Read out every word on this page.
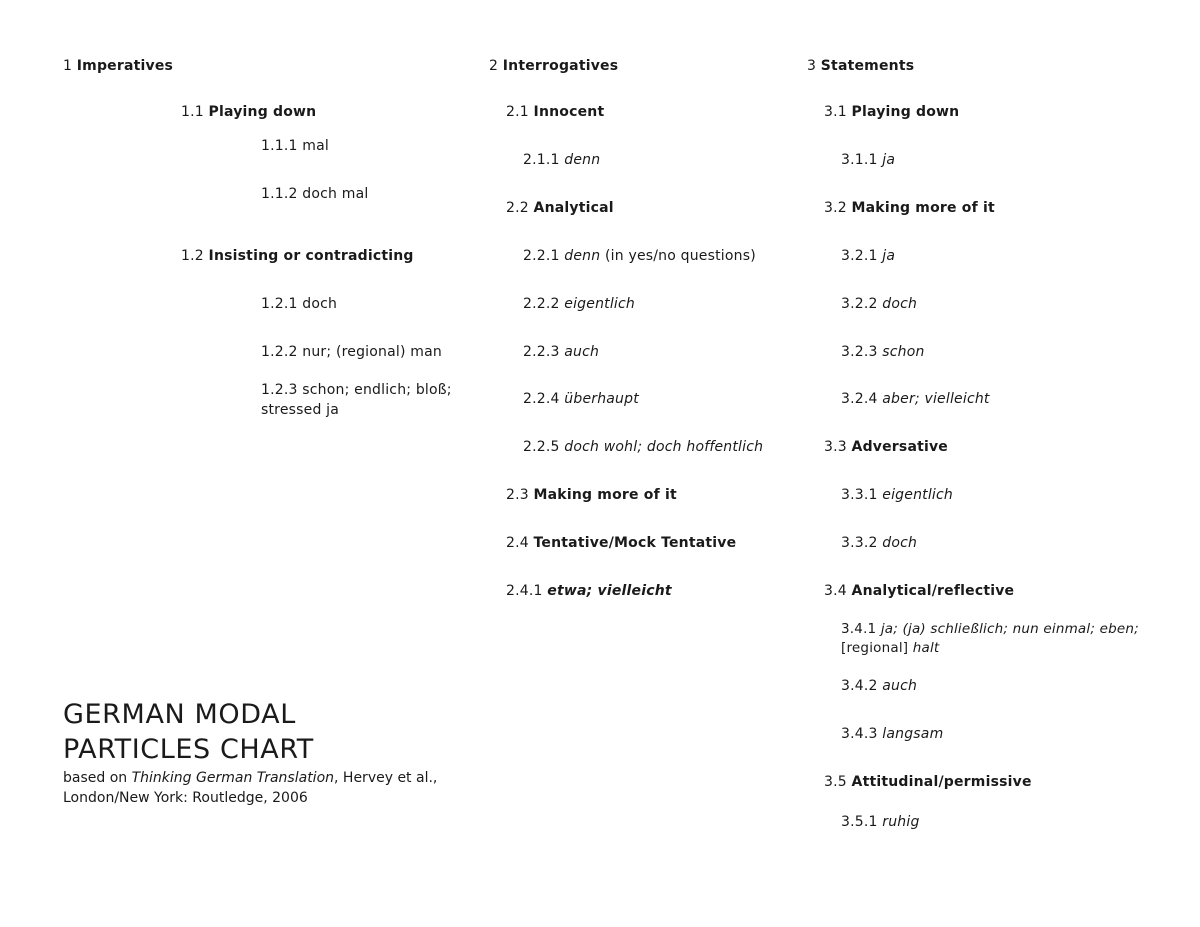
1 Imperatives
1.1 Playing down
1.1.1 mal
1.1.2 doch mal
1.2 Insisting or contradicting
1.2.1 doch
1.2.2 nur; (regional) man
1.2.3 schon; endlich; bloß;
stressed ja
2 Interrogatives
2.1 Innocent
2.1.1 denn
2.2 Analytical
2.2.1 denn (in yes/no questions)
2.2.2 eigentlich
2.2.3 auch
2.2.4 überhaupt
2.2.5 doch wohl; doch hoffentlich
2.3 Making more of it
2.4 Tentative/Mock Tentative
2.4.1 etwa; vielleicht
3 Statements
3.1 Playing down
3.1.1 ja
3.2 Making more of it
3.2.1 ja
3.2.2 doch
3.2.3 schon
3.2.4 aber; vielleicht
3.3 Adversative
3.3.1 eigentlich
3.3.2 doch
3.4 Analytical/reflective
3.4.1 ja; (ja) schließlich; nun einmal; eben;
[regional] halt
3.4.2 auch
3.4.3 langsam
3.5 Attitudinal/permissive
3.5.1 ruhig
GERMAN MODAL
PARTICLES CHART
based on Thinking German Translation, Hervey et al.,
London/New York: Routledge, 2006
